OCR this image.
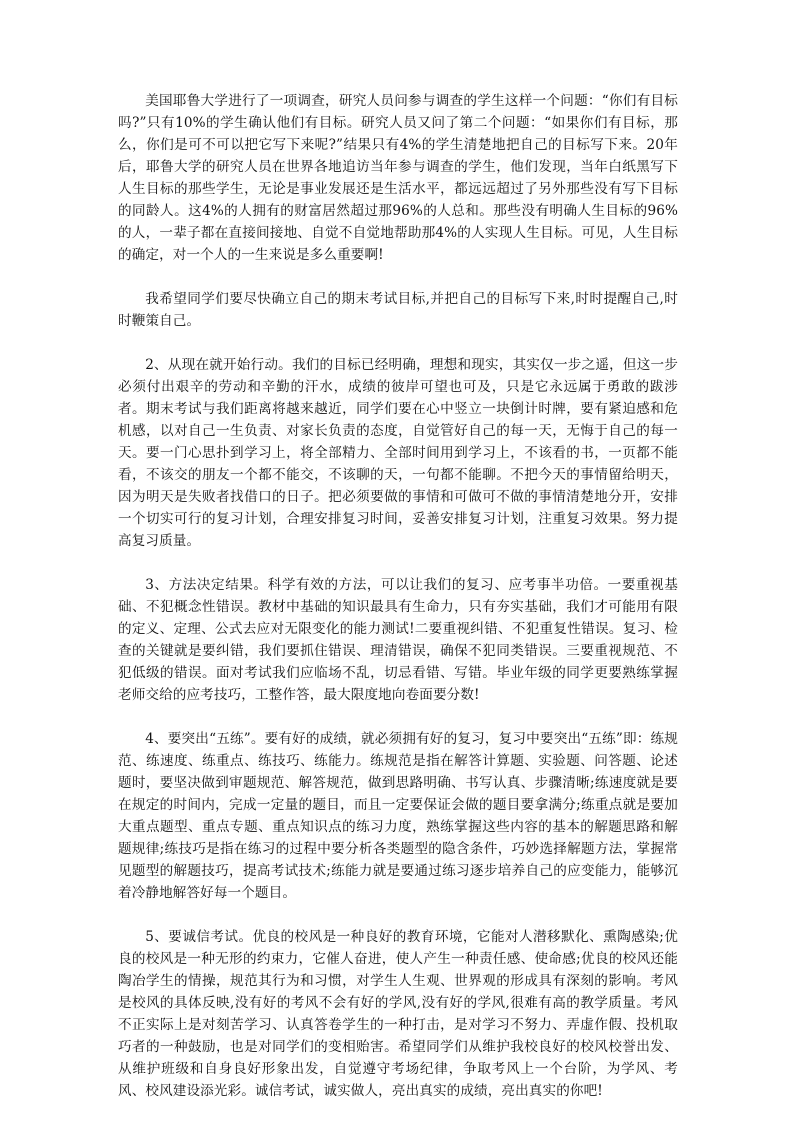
美国耶鲁大学进行了一项调查，研究人员问参与调查的学生这样一个问题：“你们有目标吗?”只有10%的学生确认他们有目标。研究人员又问了第二个问题：“如果你们有目标，那么，你们是可不可以把它写下来呢?”结果只有4%的学生清楚地把自己的目标写下来。20年后，耶鲁大学的研究人员在世界各地追访当年参与调查的学生，他们发现，当年白纸黑写下人生目标的那些学生，无论是事业发展还是生活水平，都远远超过了另外那些没有写下目标的同龄人。这4%的人拥有的财富居然超过那96%的人总和。那些没有明确人生目标的96%的人，一辈子都在直接间接地、自觉不自觉地帮助那4%的人实现人生目标。可见，人生目标的确定，对一个人的一生来说是多么重要啊!

我希望同学们要尽快确立自己的期末考试目标,并把自己的目标写下来,时时提醒自己,时时鞭策自己。

2、从现在就开始行动。我们的目标已经明确，理想和现实，其实仅一步之遥，但这一步必须付出艰辛的劳动和辛勤的汗水，成绩的彼岸可望也可及，只是它永远属于勇敢的跋涉者。期末考试与我们距离将越来越近，同学们要在心中竖立一块倒计时牌，要有紧迫感和危机感，以对自己一生负责、对家长负责的态度，自觉管好自己的每一天，无悔于自己的每一天。要一门心思扑到学习上，将全部精力、全部时间用到学习上，不该看的书，一页都不能看，不该交的朋友一个都不能交，不该聊的天，一句都不能聊。不把今天的事情留给明天，因为明天是失败者找借口的日子。把必须要做的事情和可做可不做的事情清楚地分开，安排一个切实可行的复习计划，合理安排复习时间，妥善安排复习计划，注重复习效果。努力提高复习质量。

3、方法决定结果。科学有效的方法，可以让我们的复习、应考事半功倍。一要重视基础、不犯概念性错误。教材中基础的知识最具有生命力，只有夯实基础，我们才可能用有限的定义、定理、公式去应对无限变化的能力测试!二要重视纠错、不犯重复性错误。复习、检查的关键就是要纠错，我们要抓住错误、理清错误，确保不犯同类错误。三要重视规范、不犯低级的错误。面对考试我们应临场不乱，切忌看错、写错。毕业年级的同学更要熟练掌握老师交给的应考技巧，工整作答，最大限度地向卷面要分数!

4、要突出“五练”。要有好的成绩，就必须拥有好的复习，复习中要突出“五练”即：练规范、练速度、练重点、练技巧、练能力。练规范是指在解答计算题、实验题、问答题、论述题时，要坚决做到审题规范、解答规范，做到思路明确、书写认真、步骤清晰;练速度就是要在规定的时间内，完成一定量的题目，而且一定要保证会做的题目要拿满分;练重点就是要加大重点题型、重点专题、重点知识点的练习力度，熟练掌握这些内容的基本的解题思路和解题规律;练技巧是指在练习的过程中要分析各类题型的隐含条件，巧妙选择解题方法，掌握常见题型的解题技巧，提高考试技术;练能力就是要通过练习逐步培养自己的应变能力，能够沉着冷静地解答好每一个题目。

5、要诚信考试。优良的校风是一种良好的教育环境，它能对人潜移默化、熏陶感染;优良的校风是一种无形的约束力，它催人奋进，使人产生一种责任感、使命感;优良的校风还能陶冶学生的情操，规范其行为和习惯，对学生人生观、世界观的形成具有深刻的影响。考风是校风的具体反映,没有好的考风不会有好的学风,没有好的学风,很难有高的教学质量。考风不正实际上是对刻苦学习、认真答卷学生的一种打击，是对学习不努力、弄虚作假、投机取巧者的一种鼓励，也是对同学们的变相贻害。希望同学们从维护我校良好的校风校誉出发、从维护班级和自身良好形象出发，自觉遵守考场纪律，争取考风上一个台阶，为学风、考风、校风建设添光彩。诚信考试，诚实做人，亮出真实的成绩，亮出真实的你吧!
